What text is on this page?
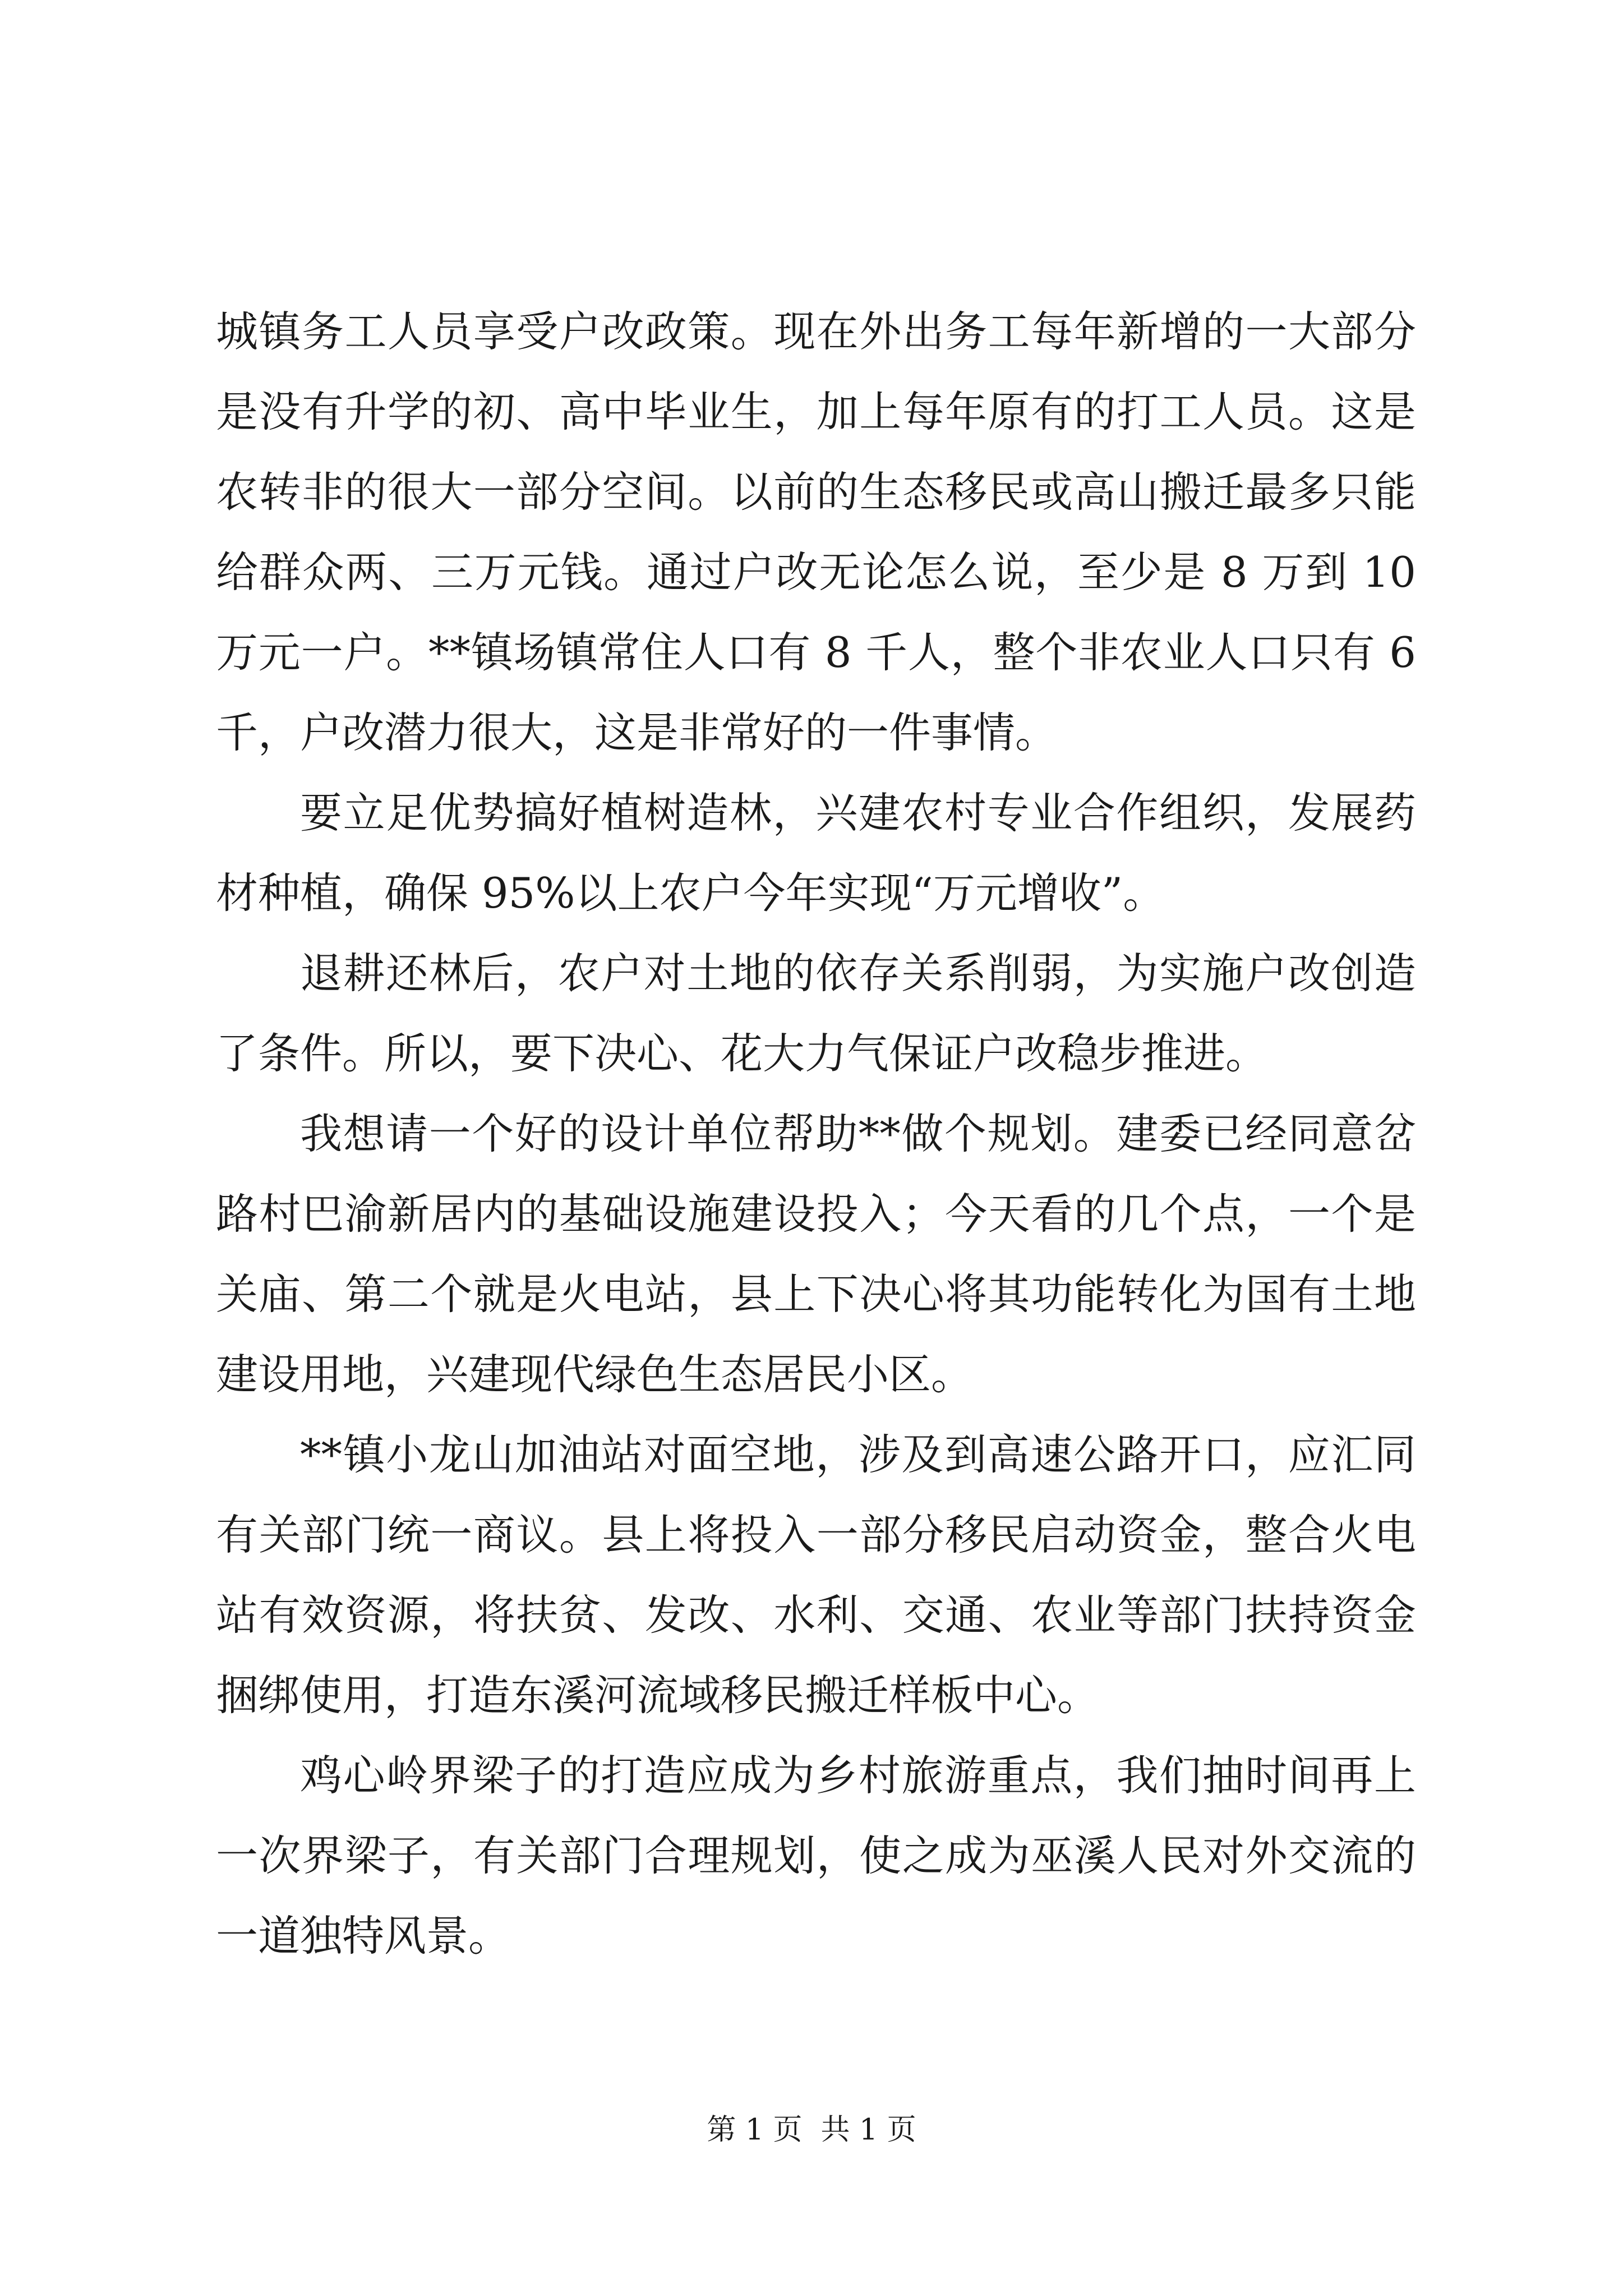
城镇务工人员享受户改政策。现在外出务工每年新增的一大部分
是没有升学的初、高中毕业生，加上每年原有的打工人员。这是
农转非的很大一部分空间。以前的生态移民或高山搬迁最多只能
给群众两、三万元钱。通过户改无论怎么说，至少是 8 万到 10
万元一户。**镇场镇常住人口有 8 千人，整个非农业人口只有 6
千，户改潜力很大，这是非常好的一件事情。
要立足优势搞好植树造林，兴建农村专业合作组织，发展药
材种植，确保 95%以上农户今年实现“万元增收”。
退耕还林后，农户对土地的依存关系削弱，为实施户改创造
了条件。所以，要下决心、花大力气保证户改稳步推进。
我想请一个好的设计单位帮助**做个规划。建委已经同意岔
路村巴渝新居内的基础设施建设投入；今天看的几个点，一个是
关庙、第二个就是火电站，县上下决心将其功能转化为国有土地
建设用地，兴建现代绿色生态居民小区。
**镇小龙山加油站对面空地，涉及到高速公路开口，应汇同
有关部门统一商议。县上将投入一部分移民启动资金，整合火电
站有效资源，将扶贫、发改、水利、交通、农业等部门扶持资金
捆绑使用，打造东溪河流域移民搬迁样板中心。
鸡心岭界梁子的打造应成为乡村旅游重点，我们抽时间再上
一次界梁子，有关部门合理规划，使之成为巫溪人民对外交流的
一道独特风景。
第 1 页  共 1 页
